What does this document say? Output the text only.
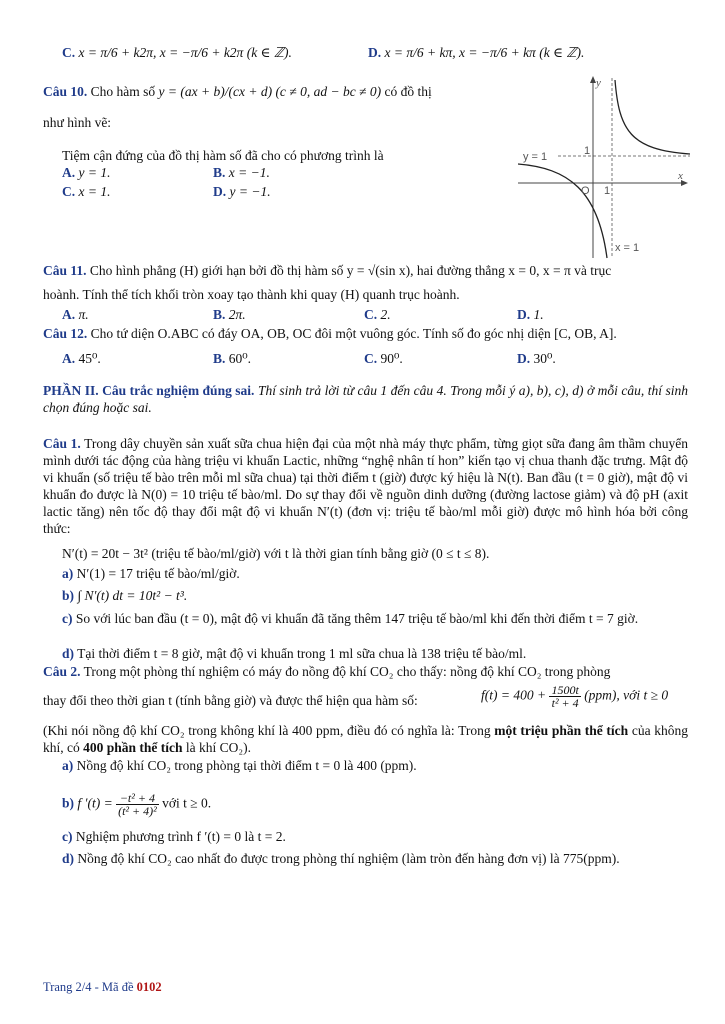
C. x = π/6 + k2π, x = −π/6 + k2π (k ∈ ℤ).	D. x = π/6 + kπ, x = −π/6 + kπ (k ∈ ℤ).
Câu 10. Cho hàm số y = (ax + b)/(cx + d) (c ≠ 0, ad − bc ≠ 0) có đồ thị
như hình vẽ:
Tiệm cận đứng của đồ thị hàm số đã cho có phương trình là
A. y = 1.	B. x = −1.
C. x = 1.	D. y = −1.
y
x
O 1
1
y = 1
x = 1
Câu 11. Cho hình phẳng (H) giới hạn bởi đồ thị hàm số y = √(sin x), hai đường thẳng x = 0, x = π và trục
hoành. Tính thể tích khối tròn xoay tạo thành khi quay (H) quanh trục hoành.
A. π.	B. 2π.	C. 2.	D. 1.
Câu 12. Cho tứ diện O.ABC có đáy OA, OB, OC đôi một vuông góc. Tính số đo góc nhị diện [C, OB, A].
A. 45⁰.	B. 60⁰.	C. 90⁰.	D. 30⁰.
PHẦN II. Câu trắc nghiệm đúng sai. Thí sinh trả lời từ câu 1 đến câu 4. Trong mỗi ý a), b), c), d) ở mỗi câu, thí sinh chọn đúng hoặc sai.
Câu 1. Trong dây chuyền sản xuất sữa chua hiện đại của một nhà máy thực phẩm, từng giọt sữa đang âm thầm chuyển mình dưới tác động của hàng triệu vi khuẩn Lactic, những “nghệ nhân tí hon” kiến tạo vị chua thanh đặc trưng. Mật độ vi khuẩn (số triệu tế bào trên mỗi ml sữa chua) tại thời điểm t (giờ) được ký hiệu là N(t). Ban đầu (t = 0 giờ), mật độ vi khuẩn đo được là N(0) = 10 triệu tế bào/ml. Do sự thay đổi về nguồn dinh dưỡng (đường lactose giảm) và độ pH (axit lactic tăng) nên tốc độ thay đổi mật độ vi khuẩn N′(t) (đơn vị: triệu tế bào/ml mỗi giờ) được mô hình hóa bởi công thức:
N′(t) = 20t − 3t² (triệu tế bào/ml/giờ) với t là thời gian tính bằng giờ (0 ≤ t ≤ 8).
a) N′(1) = 17 triệu tế bào/ml/giờ.
b) ∫ N′(t) dt = 10t² − t³.
c) So với lúc ban đầu (t = 0), mật độ vi khuẩn đã tăng thêm 147 triệu tế bào/ml khi đến thời điểm t = 7 giờ.
d) Tại thời điểm t = 8 giờ, mật độ vi khuẩn trong 1 ml sữa chua là 138 triệu tế bào/ml.
Câu 2. Trong một phòng thí nghiệm có máy đo nồng độ khí CO₂ cho thấy: nồng độ khí CO₂ trong phòng
thay đổi theo thời gian t (tính bằng giờ) và được thể hiện qua hàm số:	$f(t) = 400 + \frac{1500t}{\text{t² + 4}} (ppm)$, với t ≥ 0
(Khi nói nồng độ khí CO₂ trong không khí là 400 ppm, điều đó có nghĩa là: Trong một triệu phần thể tích của không khí, có 400 phần thể tích là khí CO₂).
a) Nồng độ khí CO₂ trong phòng tại thời điểm t = 0 là 400 (ppm).
b) f $'(t) = \frac{\text{−t² + 4}}{\text{(t² + 4)²}}$ với t ≥ 0.
c) Nghiệm phương trình f ′(t) = 0 là t = 2.
d) Nồng độ khí CO₂ cao nhất đo được trong phòng thí nghiệm (làm tròn đến hàng đơn vị) là 775(ppm).
Trang 2/4 - Mã đề 0102
